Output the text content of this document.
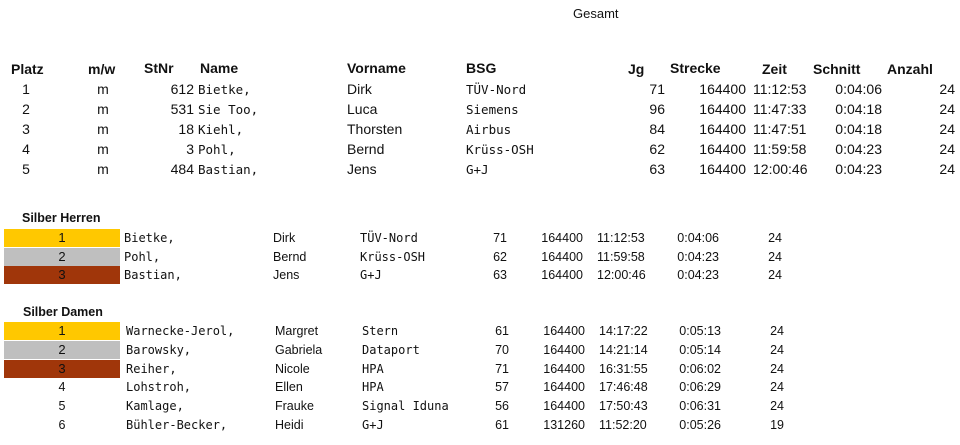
Gesamt
Platz	m/w StNr Name	Vorname	BSG	Jg Strecke	Zeit Schnitt Anzahl
1	m	612 Bietke,	Dirk	TÜV-Nord	71	164400 11:12:53	0:04:06	24
2	m	531 Sie Too,	Luca	Siemens	96	164400 11:47:33	0:04:18	24
3	m	18 Kiehl,	Thorsten	Airbus	84	164400 11:47:51	0:04:18	24
4	m	3 Pohl,	Bernd	Krüss-OSH	62	164400 11:59:58	0:04:23	24
5	m	484 Bastian,	Jens	G+J	63	164400 12:00:46	0:04:23	24
Silber Herren
1	Bietke,	Dirk	TÜV-Nord	71	164400 11:12:53	0:04:06	24
2	Pohl,	Bernd	Krüss-OSH	62	164400 11:59:58	0:04:23	24
3	Bastian,	Jens	G+J	63	164400 12:00:46	0:04:23	24
Silber Damen
1	Warnecke-Jerol,	Margret	Stern	61	164400 14:17:22	0:05:13	24
2	Barowsky,	Gabriela	Dataport	70	164400 14:21:14	0:05:14	24
3	Reiher,	Nicole	HPA	71	164400 16:31:55	0:06:02	24
4	Lohstroh,	Ellen	HPA	57	164400 17:46:48	0:06:29	24
5	Kamlage,	Frauke	Signal Iduna	56	164400 17:50:43	0:06:31	24
6	Bühler-Becker,	Heidi	G+J	61	131260 11:52:20	0:05:26	19
